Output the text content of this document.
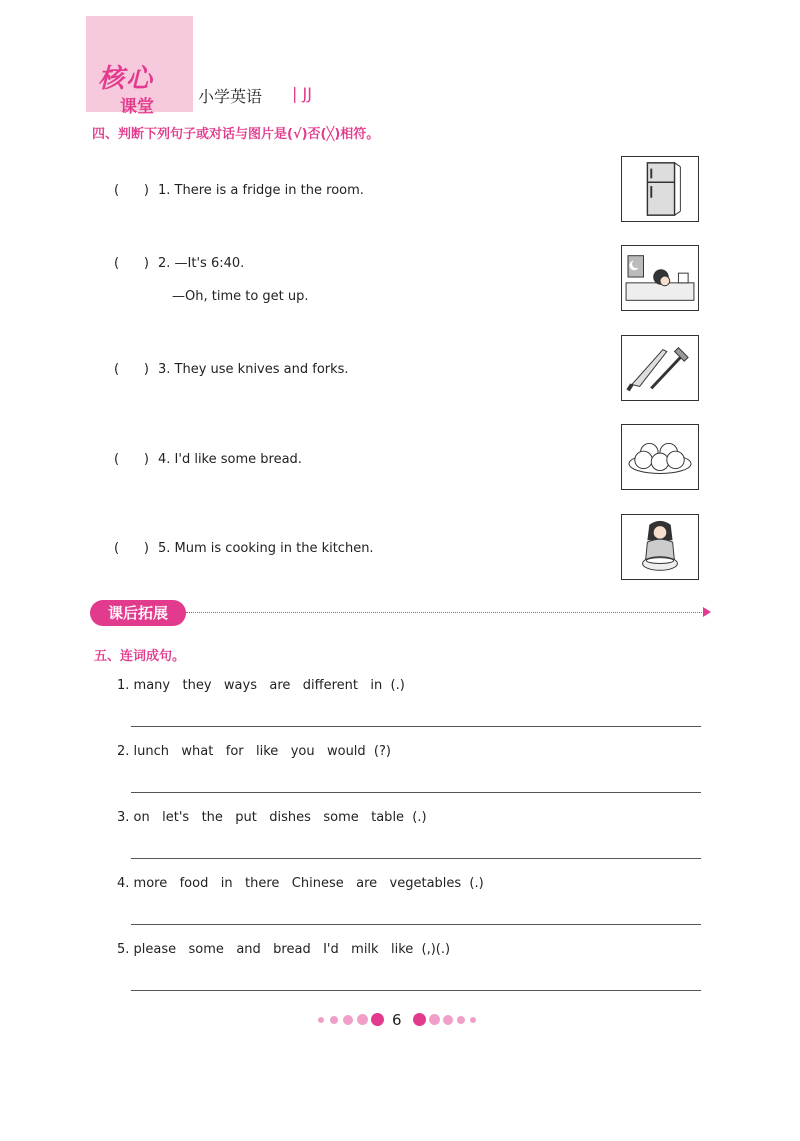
核心
课堂
小学英语 | JJ
四、判断下列句子或对话与图片是(√)否(╳)相符。
(      ) 1. There is a fridge in the room.
(      ) 2. —It's 6:40.
—Oh, time to get up.
(      ) 3. They use knives and forks.
(      ) 4. I'd like some bread.
(      ) 5. Mum is cooking in the kitchen.
课后拓展
五、连词成句。
1. many   they   ways   are   different   in  (.)
2. lunch   what   for   like   you   would  (?)
3. on   let's   the   put   dishes   some   table  (.)
4. more   food   in   there   Chinese   are   vegetables  (.)
5. please   some   and   bread   I'd   milk   like  (,)(.)
6
